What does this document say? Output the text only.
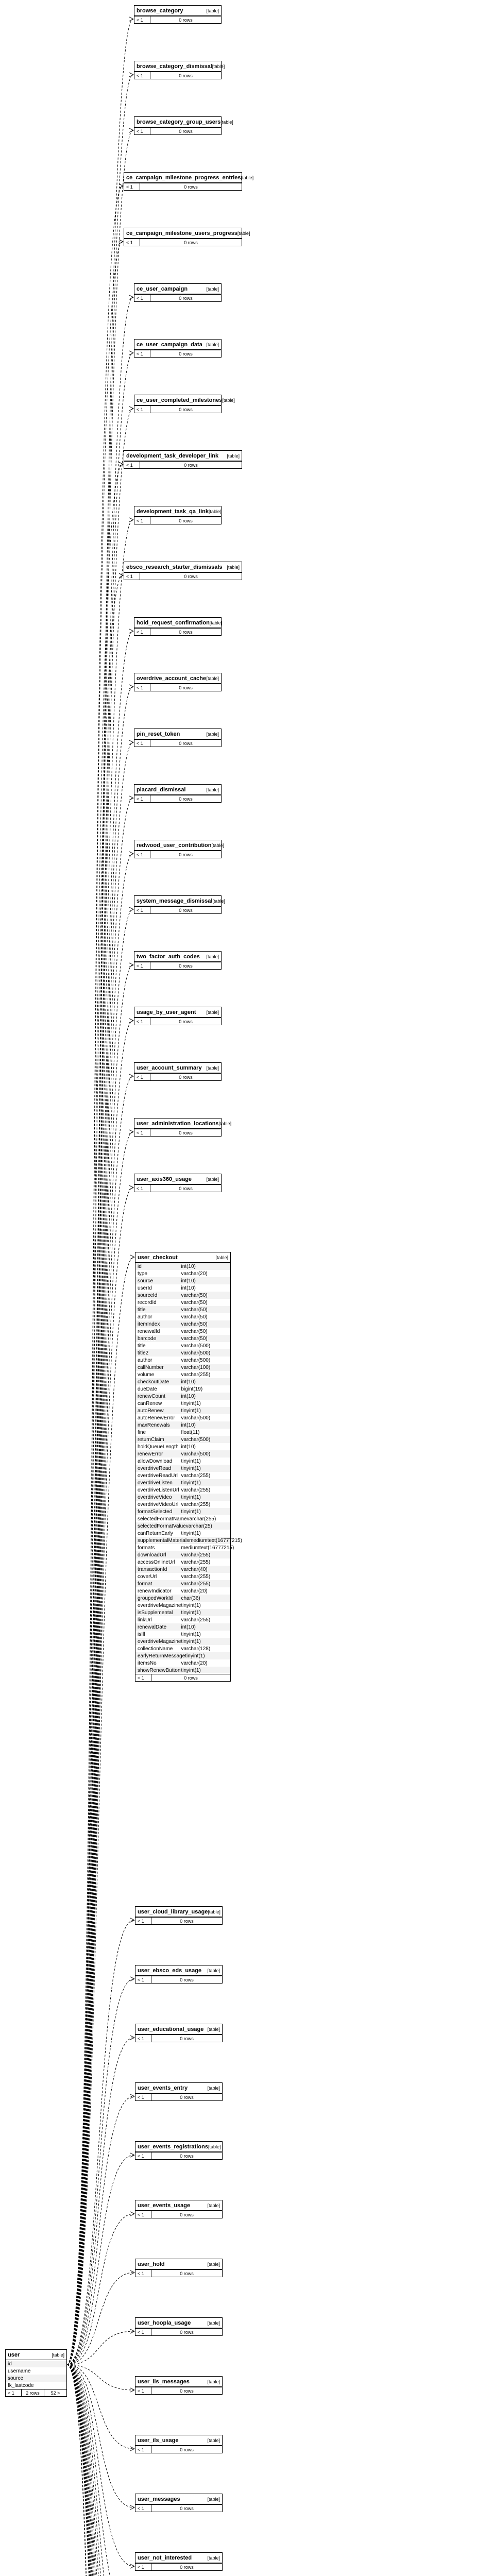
browse_category	[table]
< 1	0 rows
browse_category_dismissal [table]
< 1	0 rows
browse_category_group_users [table]
< 1	0 rows
ce_campaign_milestone_progress_entries [table]
< 1	0 rows
ce_campaign_milestone_users_progress [table]
< 1	0 rows
ce_user_campaign	[table]
< 1	0 rows
ce_user_campaign_data [table]
< 1	0 rows
ce_user_completed_milestones [table]
< 1	0 rows
development_task_developer_link [table]
< 1	0 rows
development_task_qa_link [table]
< 1	0 rows
ebsco_research_starter_dismissals [table]
< 1	0 rows
hold_request_confirmation [table]
< 1	0 rows
overdrive_account_cache [table]
< 1	0 rows
pin_reset_token	[table]
< 1	0 rows
placard_dismissal	[table]
< 1	0 rows
redwood_user_contribution [table]
< 1	0 rows
system_message_dismissal [table]
< 1	0 rows
two_factor_auth_codes [table]
< 1	0 rows
usage_by_user_agent [table]
< 1	0 rows
user_account_summary [table]
< 1	0 rows
user_administration_locations [table]
< 1	0 rows
user_axis360_usage	[table]
< 1	0 rows
user_checkout	[table]
id	int(10)
type	varchar(20)
source	int(10)
userId	int(10)
sourceId	varchar(50)
recordId	varchar(50)
title	varchar(50)
author	varchar(50)
itemIndex	varchar(50)
renewalId	varchar(50)
barcode	varchar(50)
title	varchar(500)
title2	varchar(500)
author	varchar(500)
callNumber	varchar(100)
volume	varchar(255)
checkoutDate	int(10)
dueDate	bigint(19)
renewCount	int(10)
canRenew	tinyint(1)
autoRenew	tinyint(1)
autoRenewError	varchar(500)
maxRenewals	int(10)
fine	float(11)
returnClaim	varchar(500)
holdQueueLength int(10)
renewError	varchar(500)
allowDownload	tinyint(1)
overdriveRead	tinyint(1)
overdriveReadUrl varchar(255)
overdriveListen	tinyint(1)
overdriveListenUrl varchar(255)
overdriveVideo	tinyint(1)
overdriveVideoUrl varchar(255)
formatSelected	tinyint(1)
selectedFormatName varchar(255)
selectedFormatValue varchar(25)
canReturnEarly	tinyint(1)
supplementalMaterials mediumtext(16777215)
formats	mediumtext(16777215)
downloadUrl	varchar(255)
accessOnlineUrl	varchar(255)
transactionId	varchar(40)
coverUrl	varchar(255)
format	varchar(255)
renewIndicator	varchar(20)
groupedWorkId	char(36)
overdriveMagazine tinyint(1)
isSupplemental	tinyint(1)
linkUrl	varchar(255)
renewalDate	int(10)
isIll	tinyint(1)
overdriveMagazine tinyint(1)
collectionName	varchar(128)
earlyReturnMessage tinyint(1)
itemsNo	varchar(20)
showRenewButton tinyint(1)
< 1	0 rows
user_cloud_library_usage [table]
< 1	0 rows
user_ebsco_eds_usage [table]
< 1	0 rows
user_educational_usage [table]
< 1	0 rows
user_events_entry	[table]
< 1	0 rows
user_events_registrations [table]
< 1	0 rows
user_events_usage	[table]
< 1	0 rows
user_hold	[table]
< 1	0 rows
user_hoopla_usage	[table]
< 1	0 rows
user_ils_messages	[table]
< 1	0 rows
user_ils_usage	[table]
< 1	0 rows
user_messages	[table]
< 1	0 rows
user_not_interested	[table]
< 1	0 rows
user	[table]
id
username
source
fk_lastcode
< 1	2 rows	52 >
